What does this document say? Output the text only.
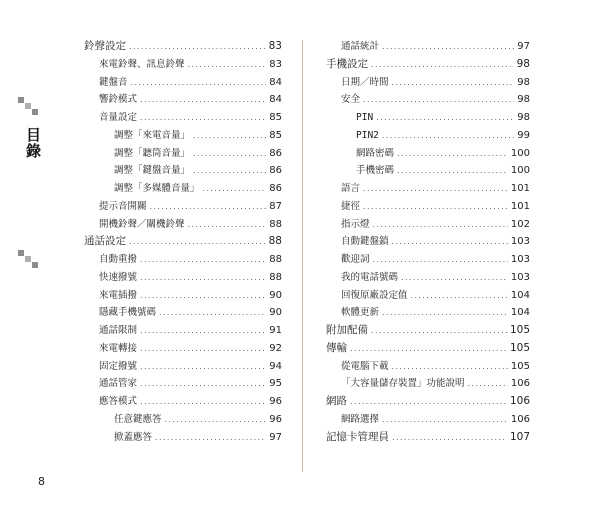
目錄
鈴聲設定 .....	83
來電鈴聲、訊息鈴聲 .....	83
鍵盤音 .....	84
響鈴模式 .....	84
音量設定 .....	85
調整「來電音量」 .....	85
調整「聽筒音量」 .....	86
調整「鍵盤音量」 .....	86
調整「多媒體音量」 .....	86
提示音開關 .....	87
開機鈴聲／關機鈴聲 .....	88
通話設定 .....	88
自動重撥 .....	88
快速撥號 .....	88
來電插撥 .....	90
隱藏手機號碼 .....	90
通話限制 .....	91
來電轉接 .....	92
固定撥號 .....	94
通話管家 .....	95
應答模式 .....	96
任意鍵應答 .....	96
掀蓋應答 .....	97
通話統計 .....	97
手機設定 .....	98
日期／時間 .....	98
安全 .....	98
PIN .....	98
PIN2 .....	99
網路密碼 .....	100
手機密碼 .....	100
語言 .....	101
捷徑 .....	101
指示燈 .....	102
自動鍵盤鎖 .....	103
歡迎詞 .....	103
我的電話號碼 .....	103
回復原廠設定值 .....	104
軟體更新 .....	104
附加配備 .....	105
傳輸 .....	105
從電腦下載 .....	105
「大容量儲存裝置」功能說明 .....	106
網路 .....	106
網路選擇 .....	106
記憶卡管理員 .....	107
8
